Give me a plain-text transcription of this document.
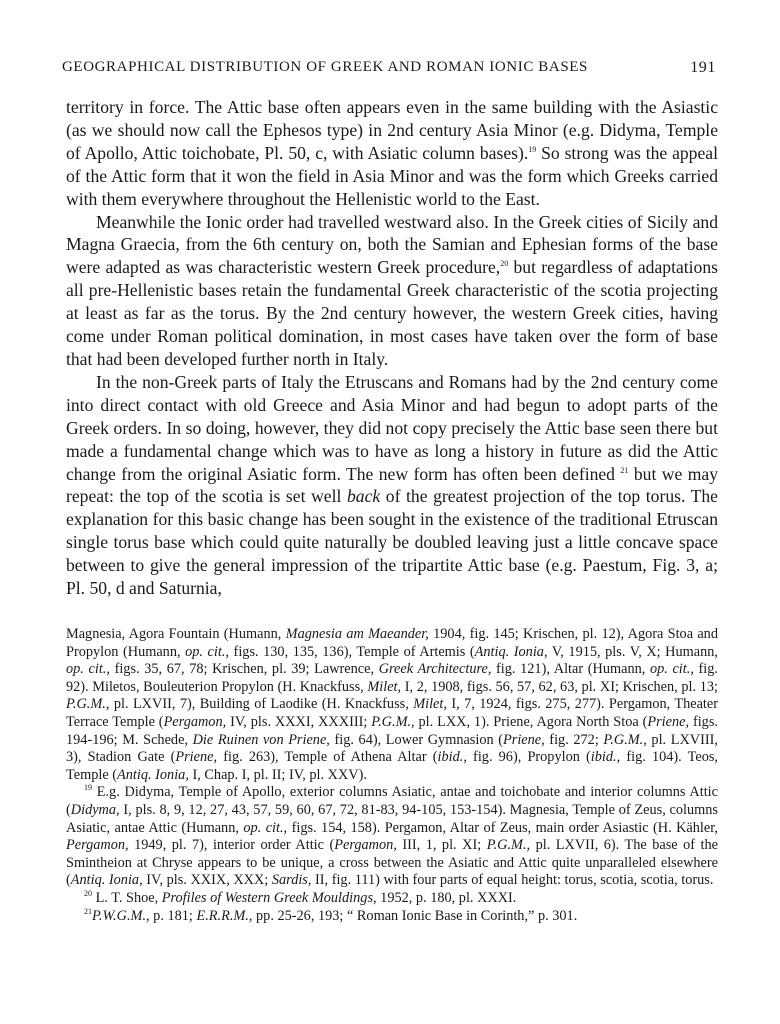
GEOGRAPHICAL DISTRIBUTION OF GREEK AND ROMAN IONIC BASES	191

territory in force. The Attic base often appears even in the same building with the Asiastic (as we should now call the Ephesos type) in 2nd century Asia Minor (e.g. Didyma, Temple of Apollo, Attic toichobate, Pl. 50, c, with Asiatic column bases).$^{19}$ So strong was the appeal of the Attic form that it won the field in Asia Minor and was the form which Greeks carried with them everywhere throughout the Hellenistic world to the East.

Meanwhile the Ionic order had travelled westward also. In the Greek cities of Sicily and Magna Graecia, from the 6th century on, both the Samian and Ephesian forms of the base were adapted as was characteristic western Greek procedure,$^{20}$ but regardless of adaptations all pre-Hellenistic bases retain the fundamental Greek characteristic of the scotia projecting at least as far as the torus. By the 2nd century however, the western Greek cities, having come under Roman political domination, in most cases have taken over the form of base that had been developed further north in Italy.

In the non-Greek parts of Italy the Etruscans and Romans had by the 2nd century come into direct contact with old Greece and Asia Minor and had begun to adopt parts of the Greek orders. In so doing, however, they did not copy precisely the Attic base seen there but made a fundamental change which was to have as long a history in future as did the Attic change from the original Asiatic form. The new form has often been defined $^{21}$ but we may repeat: the top of the scotia is set well back of the greatest projection of the top torus. The explanation for this basic change has been sought in the existence of the traditional Etruscan single torus base which could quite naturally be doubled leaving just a little concave space between to give the general impression of the tripartite Attic base (e.g. Paestum, Fig. 3, a; Pl. 50, d and Saturnia,

Magnesia, Agora Fountain (Humann, Magnesia am Maeander, 1904, fig. 145; Krischen, pl. 12), Agora Stoa and Propylon (Humann, op. cit., figs. 130, 135, 136), Temple of Artemis (Antiq. Ionia, V, 1915, pls. V, X; Humann, op. cit., figs. 35, 67, 78; Krischen, pl. 39; Lawrence, Greek Architecture, fig. 121), Altar (Humann, op. cit., fig. 92). Miletos, Bouleuterion Propylon (H. Knackfuss, Milet, I, 2, 1908, figs. 56, 57, 62, 63, pl. XI; Krischen, pl. 13; P.G.M., pl. LXVII, 7), Building of Laodike (H. Knackfuss, Milet, I, 7, 1924, figs. 275, 277). Pergamon, Theater Terrace Temple (Pergamon, IV, pls. XXXI, XXXIII; P.G.M., pl. LXX, 1). Priene, Agora North Stoa (Priene, figs. 194-196; M. Schede, Die Ruinen von Priene, fig. 64), Lower Gymnasion (Priene, fig. 272; P.G.M., pl. LXVIII, 3), Stadion Gate (Priene, fig. 263), Temple of Athena Altar (ibid., fig. 96), Propylon (ibid., fig. 104). Teos, Temple (Antiq. Ionia, I, Chap. I, pl. II; IV, pl. XXV).

$^{19}$ E.g. Didyma, Temple of Apollo, exterior columns Asiatic, antae and toichobate and interior columns Attic (Didyma, I, pls. 8, 9, 12, 27, 43, 57, 59, 60, 67, 72, 81-83, 94-105, 153-154). Magnesia, Temple of Zeus, columns Asiatic, antae Attic (Humann, op. cit., figs. 154, 158). Pergamon, Altar of Zeus, main order Asiastic (H. Kähler, Pergamon, 1949, pl. 7), interior order Attic (Pergamon, III, 1, pl. XI; P.G.M., pl. LXVII, 6). The base of the Smintheion at Chryse appears to be unique, a cross between the Asiatic and Attic quite unparalleled elsewhere (Antiq. Ionia, IV, pls. XXIX, XXX; Sardis, II, fig. 111) with four parts of equal height: torus, scotia, scotia, torus.

$^{20}$ L. T. Shoe, Profiles of Western Greek Mouldings, 1952, p. 180, pl. XXXI.

$^{21}$P.W.G.M., p. 181; E.R.R.M., pp. 25-26, 193; “ Roman Ionic Base in Corinth,” p. 301.
